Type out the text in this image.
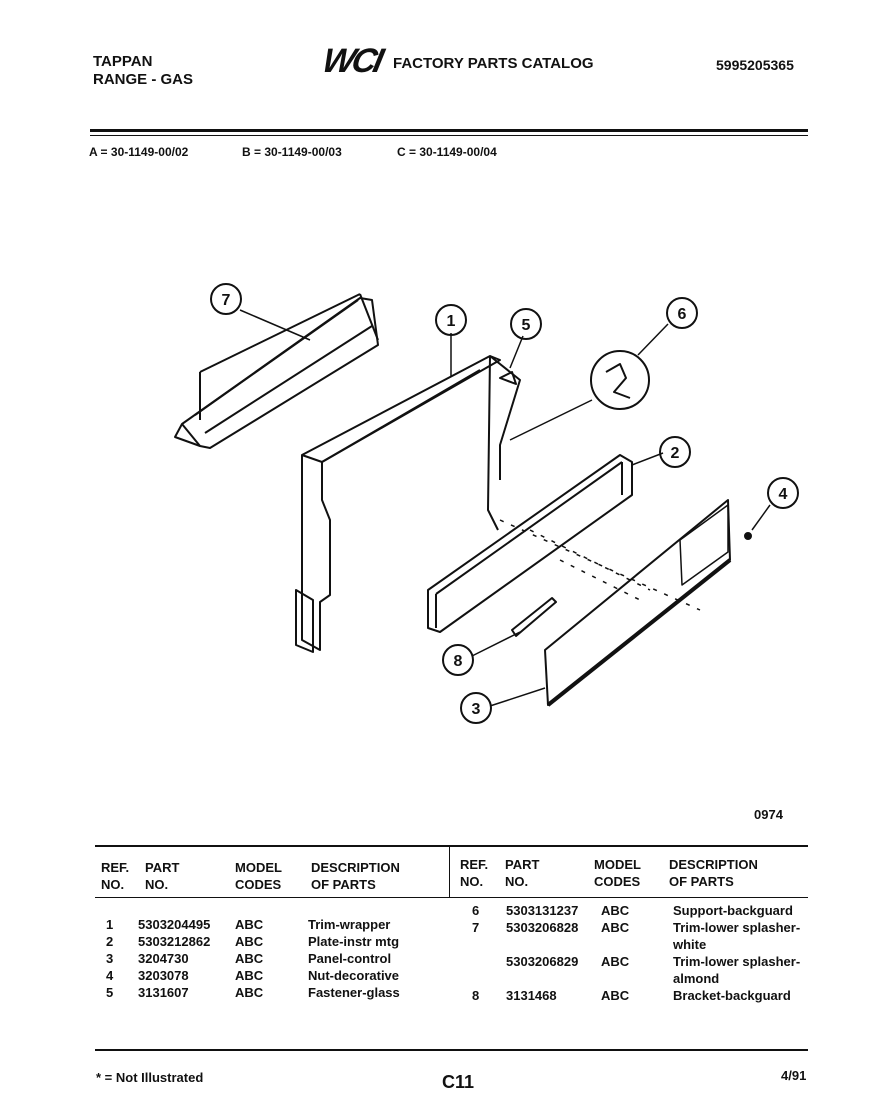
TAPPAN
RANGE - GAS	WCI FACTORY PARTS CATALOG	5995205365
A = 30-1149-00/02	B = 30-1149-00/03	C = 30-1149-00/04
7
1	5
6
2
4
8
3
0974
REF.
NO.
PART
NO.
MODEL
CODES
DESCRIPTION
OF PARTS
REF.
NO.
PART
NO.
MODEL
CODES
DESCRIPTION
OF PARTS
1 5303204495 ABC	Trim-wrapper
2 5303212862 ABC	Plate-instr mtg
3 3204730	ABC	Panel-control
4 3203078	ABC	Nut-decorative
5 3131607	ABC	Fastener-glass
6 5303131237 ABC	Support-backguard
7 5303206828 ABC	Trim-lower splasher-
white
5303206829 ABC	Trim-lower splasher-
almond
8 3131468	ABC	Bracket-backguard
* = Not Illustrated	C11	4/91
